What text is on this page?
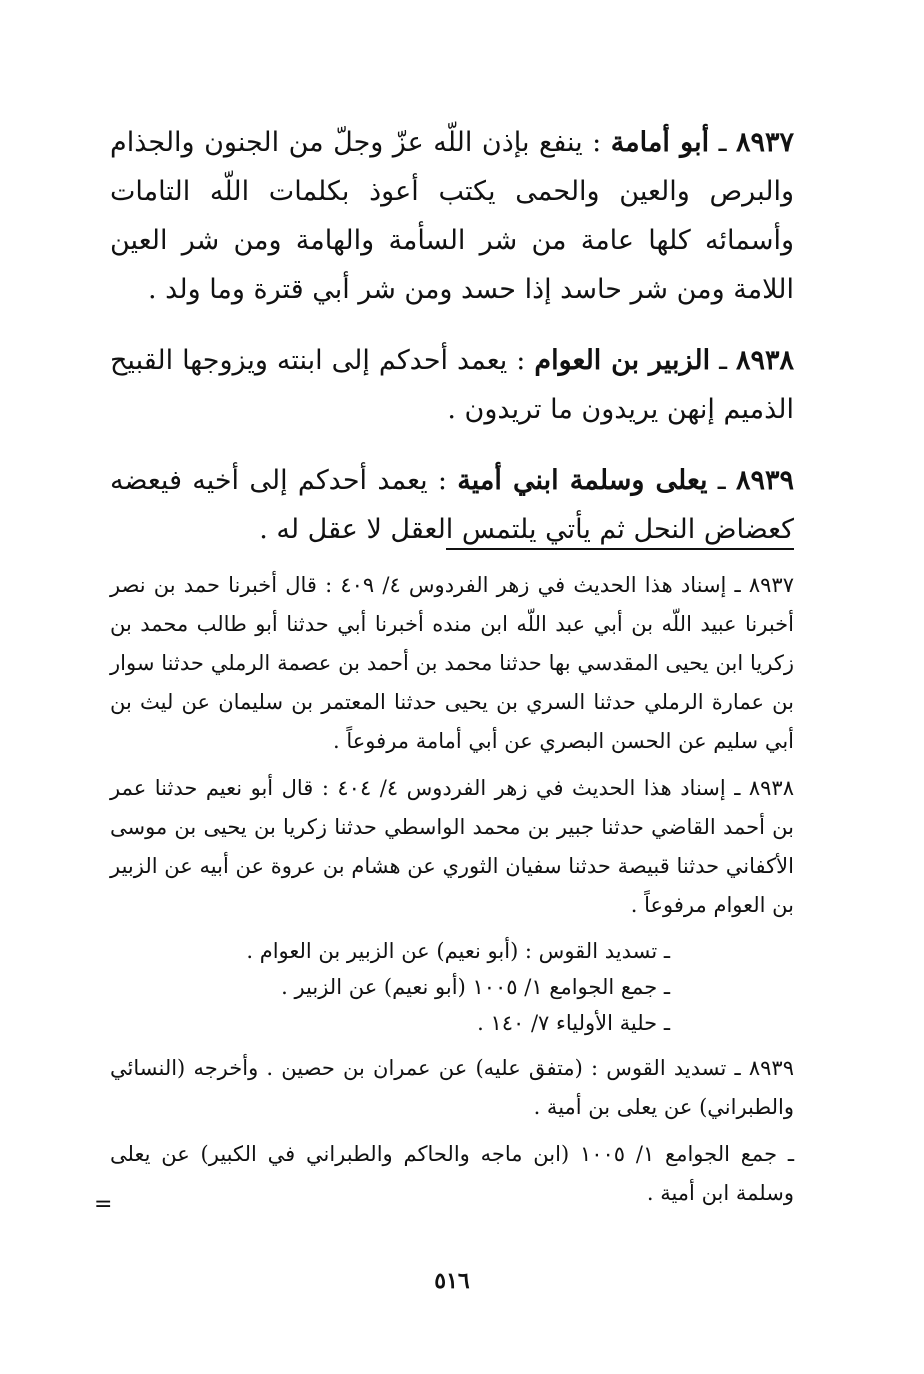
٨٩٣٧ ـ أبو أمامة : ينفع بإذن اللّه عزّ وجلّ من الجنون والجذام والبرص والعين والحمى يكتب أعوذ بكلمات اللّه التامات وأسمائه كلها عامة من شر السأمة والهامة ومن شر العين اللامة ومن شر حاسد إذا حسد ومن شر أبي قترة وما ولد .

٨٩٣٨ ـ الزبير بن العوام : يعمد أحدكم إلى ابنته ويزوجها القبيح الذميم إنهن يريدون ما تريدون .

٨٩٣٩ ـ يعلى وسلمة ابني أمية : يعمد أحدكم إلى أخيه فيعضه كعضاض النحل ثم يأتي يلتمس العقل لا عقل له .

٨٩٣٧ ـ إسناد هذا الحديث في زهر الفردوس ٤/ ٤٠٩ : قال أخبرنا حمد بن نصر أخبرنا عبيد اللّه بن أبي عبد اللّه ابن منده أخبرنا أبي حدثنا أبو طالب محمد بن زكريا ابن يحيى المقدسي بها حدثنا محمد بن أحمد بن عصمة الرملي حدثنا سوار بن عمارة الرملي حدثنا السري بن يحيى حدثنا المعتمر بن سليمان عن ليث بن أبي سليم عن الحسن البصري عن أبي أمامة مرفوعاً .

٨٩٣٨ ـ إسناد هذا الحديث في زهر الفردوس ٤/ ٤٠٤ : قال أبو نعيم حدثنا عمر بن أحمد القاضي حدثنا جبير بن محمد الواسطي حدثنا زكريا بن يحيى بن موسى الأكفاني حدثنا قبيصة حدثنا سفيان الثوري عن هشام بن عروة عن أبيه عن الزبير بن العوام مرفوعاً .

ـ تسديد القوس : (أبو نعيم) عن الزبير بن العوام .

ـ جمع الجوامع ١/ ١٠٠٥ (أبو نعيم) عن الزبير .

ـ حلية الأولياء ٧/ ١٤٠ .

٨٩٣٩ ـ تسديد القوس : (متفق عليه) عن عمران بن حصين . وأخرجه (النسائي والطبراني) عن يعلى بن أمية .

ـ جمع الجوامع ١/ ١٠٠٥ (ابن ماجه والحاكم والطبراني في الكبير) عن يعلى وسلمة ابن أمية .

٥١٦
=
